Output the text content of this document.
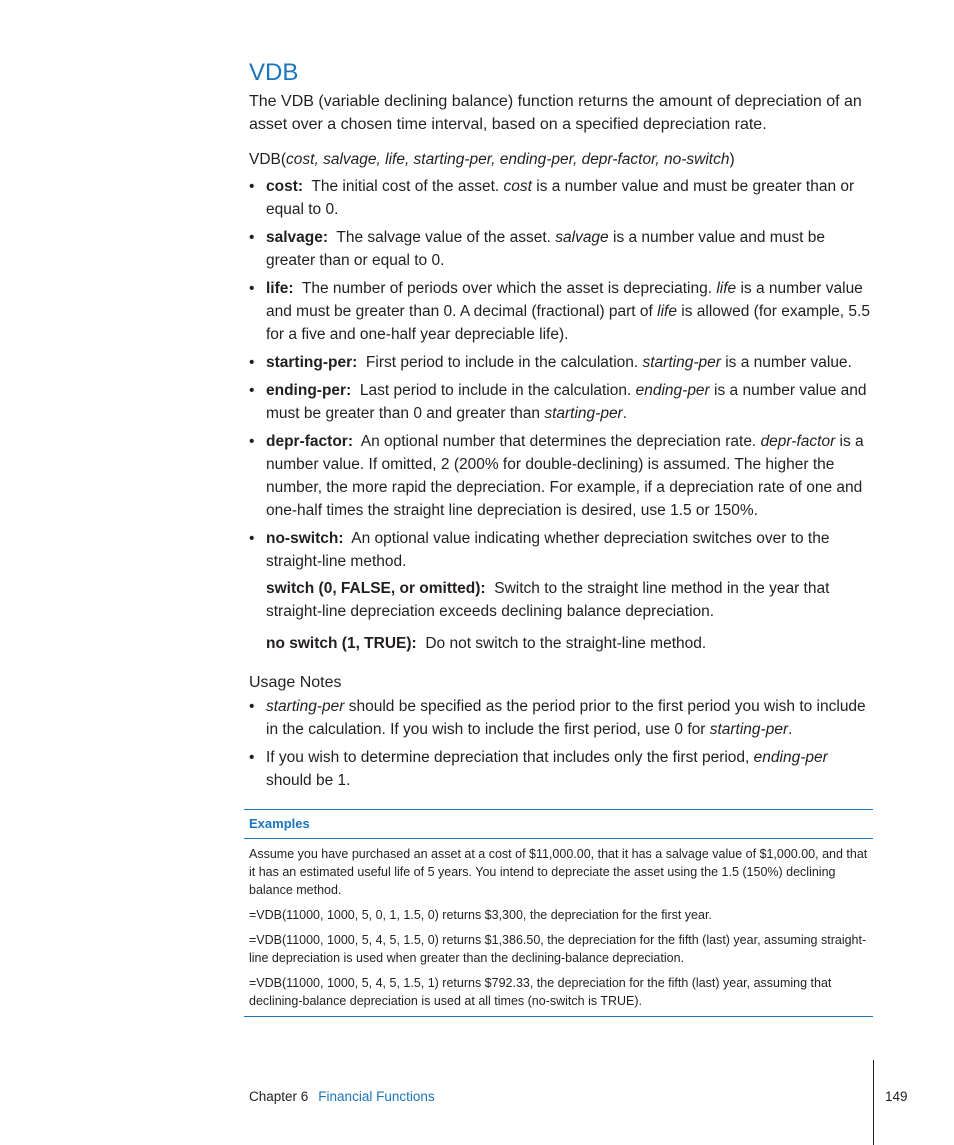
VDB

The VDB (variable declining balance) function returns the amount of depreciation of an asset over a chosen time interval, based on a specified depreciation rate.

VDB(cost, salvage, life, starting-per, ending-per, depr-factor, no-switch)

• cost: The initial cost of the asset. cost is a number value and must be greater than or equal to 0.
• salvage: The salvage value of the asset. salvage is a number value and must be greater than or equal to 0.
• life: The number of periods over which the asset is depreciating. life is a number value and must be greater than 0. A decimal (fractional) part of life is allowed (for example, 5.5 for a five and one-half year depreciable life).
• starting-per: First period to include in the calculation. starting-per is a number value.
• ending-per: Last period to include in the calculation. ending-per is a number value and must be greater than 0 and greater than starting-per.
• depr-factor: An optional number that determines the depreciation rate. depr-factor is a number value. If omitted, 2 (200% for double-declining) is assumed. The higher the number, the more rapid the depreciation. For example, if a depreciation rate of one and one-half times the straight line depreciation is desired, use 1.5 or 150%.
• no-switch: An optional value indicating whether depreciation switches over to the straight-line method.
switch (0, FALSE, or omitted): Switch to the straight line method in the year that straight-line depreciation exceeds declining balance depreciation.
no switch (1, TRUE): Do not switch to the straight-line method.

Usage Notes

• starting-per should be specified as the period prior to the first period you wish to include in the calculation. If you wish to include the first period, use 0 for starting-per.
• If you wish to determine depreciation that includes only the first period, ending-per should be 1.
Examples

Assume you have purchased an asset at a cost of $11,000.00, that it has a salvage value of $1,000.00, and that it has an estimated useful life of 5 years. You intend to depreciate the asset using the 1.5 (150%) declining balance method.

=VDB(11000, 1000, 5, 0, 1, 1.5, 0) returns $3,300, the depreciation for the first year.

=VDB(11000, 1000, 5, 4, 5, 1.5, 0) returns $1,386.50, the depreciation for the fifth (last) year, assuming straight-line depreciation is used when greater than the declining-balance depreciation.

=VDB(11000, 1000, 5, 4, 5, 1.5, 1) returns $792.33, the depreciation for the fifth (last) year, assuming that declining-balance depreciation is used at all times (no-switch is TRUE).

Chapter 6 Financial Functions	149
